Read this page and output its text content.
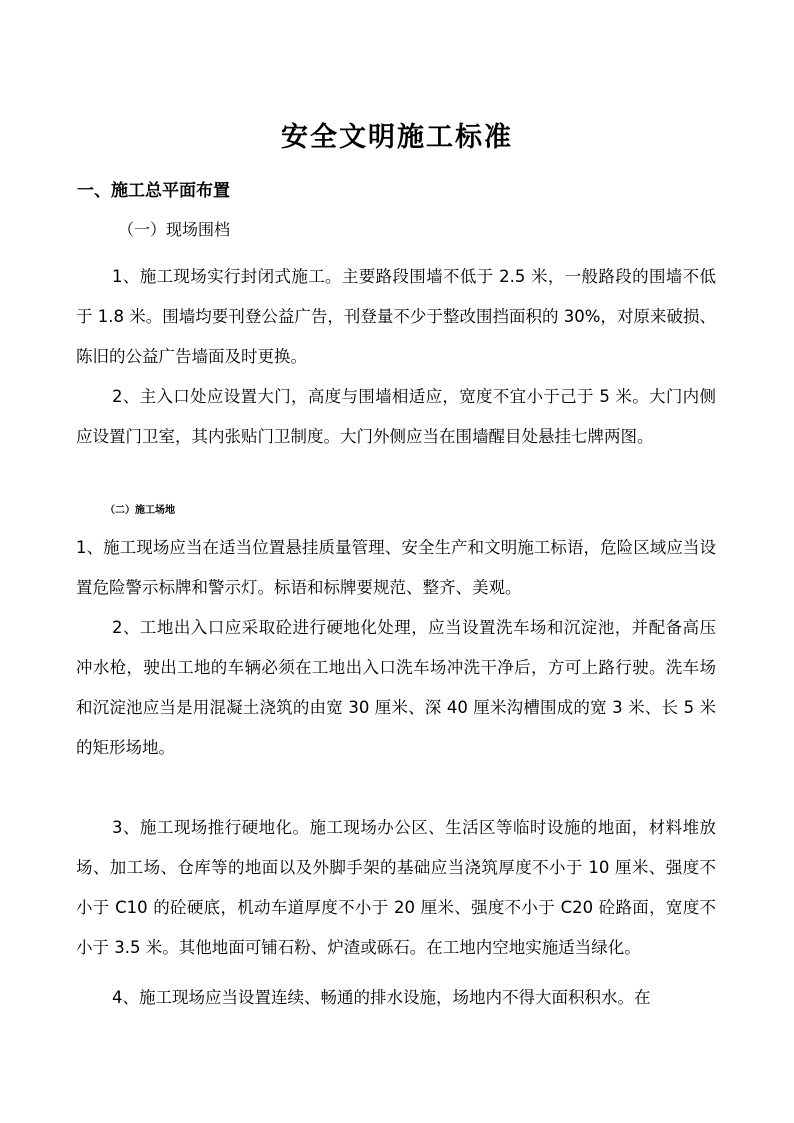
安全文明施工标准
一、施工总平面布置
（一）现场围档

1、施工现场实行封闭式施工。主要路段围墙不低于 2.5 米，一般路段的围墙不低于 1.8 米。围墙均要刊登公益广告，刊登量不少于整改围挡面积的 30%，对原来破损、陈旧的公益广告墙面及时更换。

2、主入口处应设置大门，高度与围墙相适应，宽度不宜小于己于 5 米。大门内侧应设置门卫室，其内张贴门卫制度。大门外侧应当在围墙醒目处悬挂七牌两图。

（二）施工场地

1、施工现场应当在适当位置悬挂质量管理、安全生产和文明施工标语，危险区域应当设置危险警示标牌和警示灯。标语和标牌要规范、整齐、美观。

2、工地出入口应采取砼进行硬地化处理，应当设置洗车场和沉淀池，并配备高压冲水枪，驶出工地的车辆必须在工地出入口洗车场冲洗干净后，方可上路行驶。洗车场和沉淀池应当是用混凝土浇筑的由宽 30 厘米、深 40 厘米沟槽围成的宽 3 米、长 5 米的矩形场地。

3、施工现场推行硬地化。施工现场办公区、生活区等临时设施的地面，材料堆放场、加工场、仓库等的地面以及外脚手架的基础应当浇筑厚度不小于 10 厘米、强度不小于 C10 的砼硬底，机动车道厚度不小于 20 厘米、强度不小于 C20 砼路面，宽度不小于 3.5 米。其他地面可铺石粉、炉渣或砾石。在工地内空地实施适当绿化。

4、施工现场应当设置连续、畅通的排水设施，场地内不得大面积积水。在
